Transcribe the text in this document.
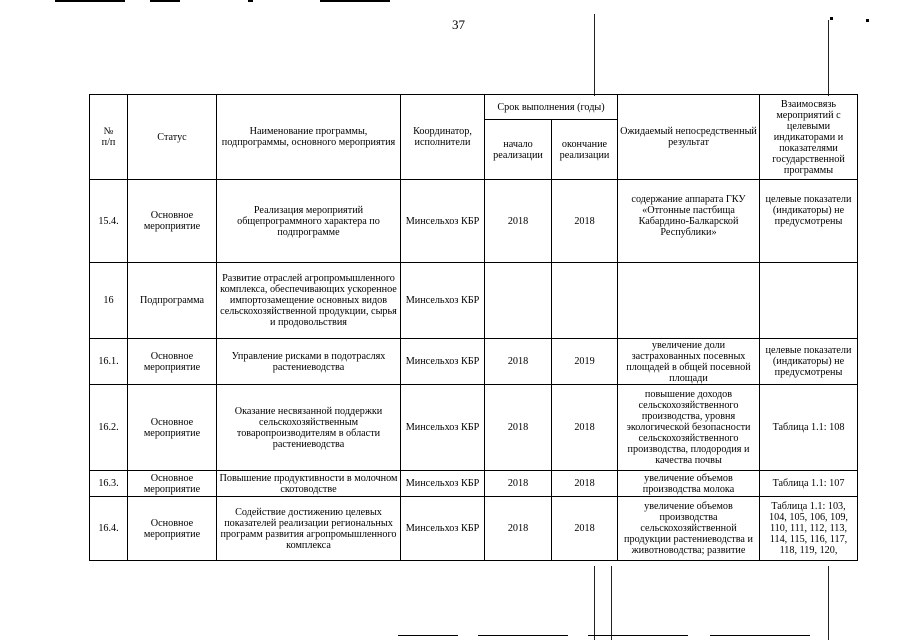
37
№
п/п	Статус	Наименование программы, подпрограммы, основного мероприятия	Координатор, исполнители	Срок выполнения (годы)		Ожидаемый непосредственный результат	Взаимосвязь мероприятий с целевыми индикаторами и показателями государственной программы
				начало реализации	окончание реализации		
15.4.	Основное мероприятие	Реализация мероприятий общепрограммного характера по подпрограмме	Минсельхоз КБР	2018	2018	содержание аппарата ГКУ «Отгонные пастбища Кабардино-Балкарской Республики»	целевые показатели (индикаторы) не предусмотрены
16	Подпрограмма	Развитие отраслей агропромышленного комплекса, обеспечивающих ускоренное импортозамещение основных видов сельскохозяйственной продукции, сырья и продовольствия	Минсельхоз КБР				
16.1.	Основное мероприятие	Управление рисками в подотраслях растениеводства	Минсельхоз КБР	2018	2019	увеличение доли застрахованных посевных площадей в общей посевной площади	целевые показатели (индикаторы) не предусмотрены
16.2.	Основное мероприятие	Оказание несвязанной поддержки сельскохозяйственным товаропроизводителям в области растениеводства	Минсельхоз КБР	2018	2018	повышение доходов сельскохозяйственного производства, уровня экологической безопасности сельскохозяйственного производства, плодородия и качества почвы	Таблица 1.1: 108
16.3.	Основное мероприятие	Повышение продуктивности в молочном скотоводстве	Минсельхоз КБР	2018	2018	увеличение объемов производства молока	Таблица 1.1: 107
16.4.	Основное мероприятие	Содействие достижению целевых показателей реализации региональных программ развития агропромышленного комплекса	Минсельхоз КБР	2018	2018	увеличение объемов производства сельскохозяйственной продукции растениеводства и животноводства; развитие	Таблица 1.1: 103, 104, 105, 106, 109, 110, 111, 112, 113, 114, 115, 116, 117, 118, 119, 120,
